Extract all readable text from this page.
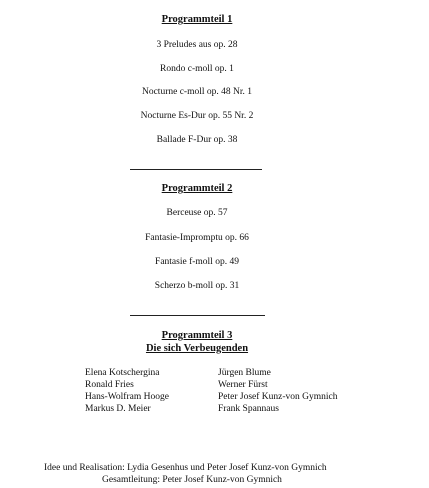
Programmteil 1
3 Preludes aus op. 28
Rondo c-moll op. 1
Nocturne c-moll op. 48 Nr. 1
Nocturne Es-Dur op. 55 Nr. 2
Ballade F-Dur op. 38
Programmteil 2
Berceuse op. 57
Fantasie-Impromptu op. 66
Fantasie f-moll op. 49
Scherzo b-moll op. 31
Programmteil 3
Die sich Verbeugenden
Elena Kotschergina
Ronald Fries
Hans-Wolfram Hooge
Markus D. Meier
Jürgen Blume
Werner Fürst
Peter Josef Kunz-von Gymnich
Frank Spannaus
Idee und Realisation: Lydia Gesenhus und Peter Josef Kunz-von Gymnich
Gesamtleitung: Peter Josef Kunz-von Gymnich
